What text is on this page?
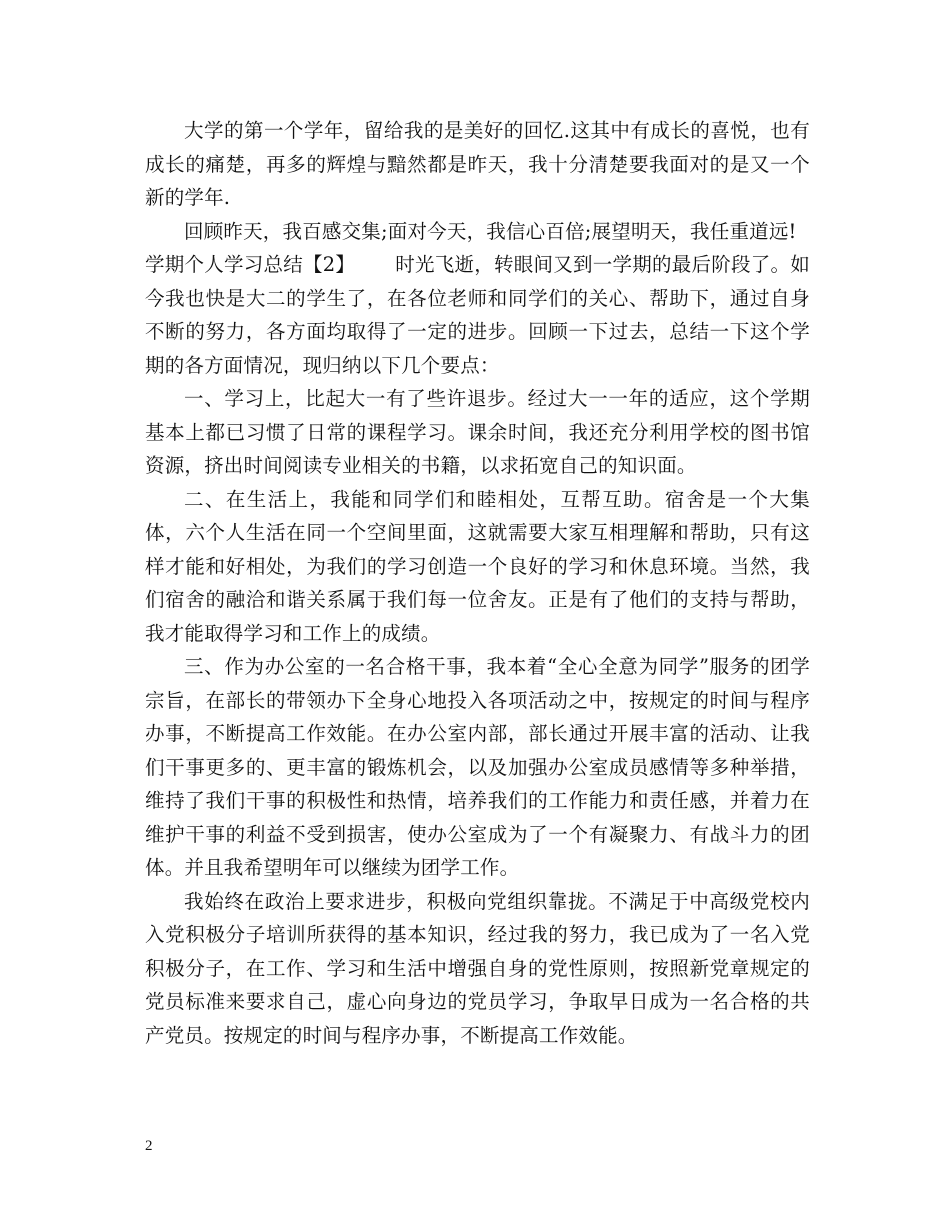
大学的第一个学年，留给我的是美好的回忆.这其中有成长的喜悦，也有成长的痛楚，再多的辉煌与黯然都是昨天，我十分清楚要我面对的是又一个新的学年.

回顾昨天，我百感交集;面对今天，我信心百倍;展望明天，我任重道远!

学期个人学习总结【2】 时光飞逝，转眼间又到一学期的最后阶段了。如今我也快是大二的学生了，在各位老师和同学们的关心、帮助下，通过自身不断的努力，各方面均取得了一定的进步。回顾一下过去，总结一下这个学期的各方面情况，现归纳以下几个要点：

一、学习上，比起大一有了些许退步。经过大一一年的适应，这个学期基本上都已习惯了日常的课程学习。课余时间，我还充分利用学校的图书馆资源，挤出时间阅读专业相关的书籍，以求拓宽自己的知识面。

二、在生活上，我能和同学们和睦相处，互帮互助。宿舍是一个大集体，六个人生活在同一个空间里面，这就需要大家互相理解和帮助，只有这样才能和好相处，为我们的学习创造一个良好的学习和休息环境。当然，我们宿舍的融洽和谐关系属于我们每一位舍友。正是有了他们的支持与帮助，我才能取得学习和工作上的成绩。

三、作为办公室的一名合格干事，我本着“全心全意为同学”服务的团学宗旨，在部长的带领办下全身心地投入各项活动之中，按规定的时间与程序办事，不断提高工作效能。在办公室内部，部长通过开展丰富的活动、让我们干事更多的、更丰富的锻炼机会，以及加强办公室成员感情等多种举措，维持了我们干事的积极性和热情，培养我们的工作能力和责任感，并着力在维护干事的利益不受到损害，使办公室成为了一个有凝聚力、有战斗力的团体。并且我希望明年可以继续为团学工作。

我始终在政治上要求进步，积极向党组织靠拢。不满足于中高级党校内入党积极分子培训所获得的基本知识，经过我的努力，我已成为了一名入党积极分子，在工作、学习和生活中增强自身的党性原则，按照新党章规定的党员标准来要求自己，虚心向身边的党员学习，争取早日成为一名合格的共产党员。按规定的时间与程序办事，不断提高工作效能。

2
